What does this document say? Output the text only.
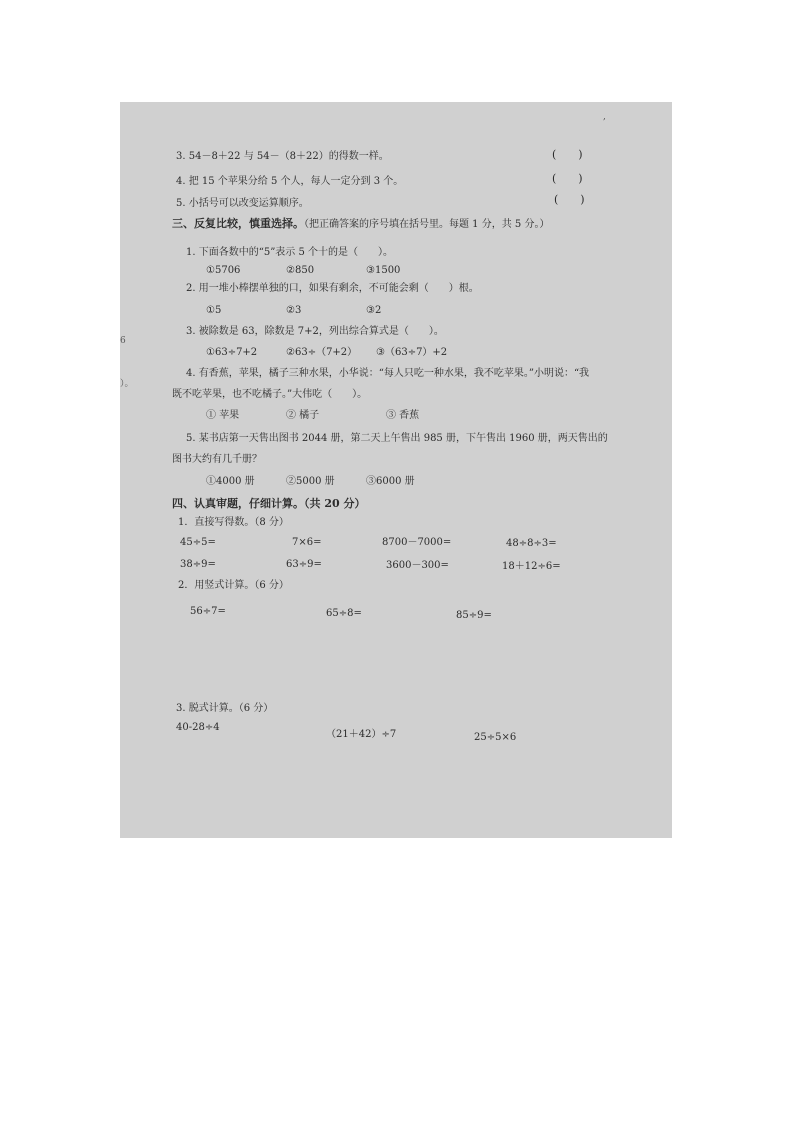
3. 54－8＋22 与 54－（8＋22）的得数一样。	(　　)
4. 把 15 个苹果分给 5 个人，每人一定分到 3 个。	(　　)
5. 小括号可以改变运算顺序。	(　　)
三、反复比较，慎重选择。（把正确答案的序号填在括号里。每题 1 分，共 5 分。）
1. 下面各数中的“5”表示 5 个十的是（　　）。
①5706	②850	③1500
2. 用一堆小棒摆单独的口，如果有剩余，不可能会剩（　　）根。
①5	②3	③2
3. 被除数是 63，除数是 7+2，列出综合算式是（　　）。
①63÷7+2	②63÷（7+2） ③（63÷7）+2
4. 有香蕉，苹果，橘子三种水果，小华说：“每人只吃一种水果，我不吃苹果。”小明说：“我
既不吃苹果，也不吃橘子。”大伟吃（　　）。
① 苹果	② 橘子	③ 香蕉
5. 某书店第一天售出图书 2044 册，第二天上午售出 985 册，下午售出 1960 册，两天售出的
图书大约有几千册？
①4000 册	②5000 册	③6000 册
四、认真审题，仔细计算。（共 20 分）
1．直接写得数。（8 分）
45÷5=	7×6=	8700－7000=	48÷8÷3=
38÷9=	63÷9=	3600－300=	18＋12÷6=
2．用竖式计算。（6 分）
56÷7=	65÷8=	85÷9=
3. 脱式计算。（6 分）
40-28÷4
（21＋42）÷7	25÷5×6
6
）。
,
